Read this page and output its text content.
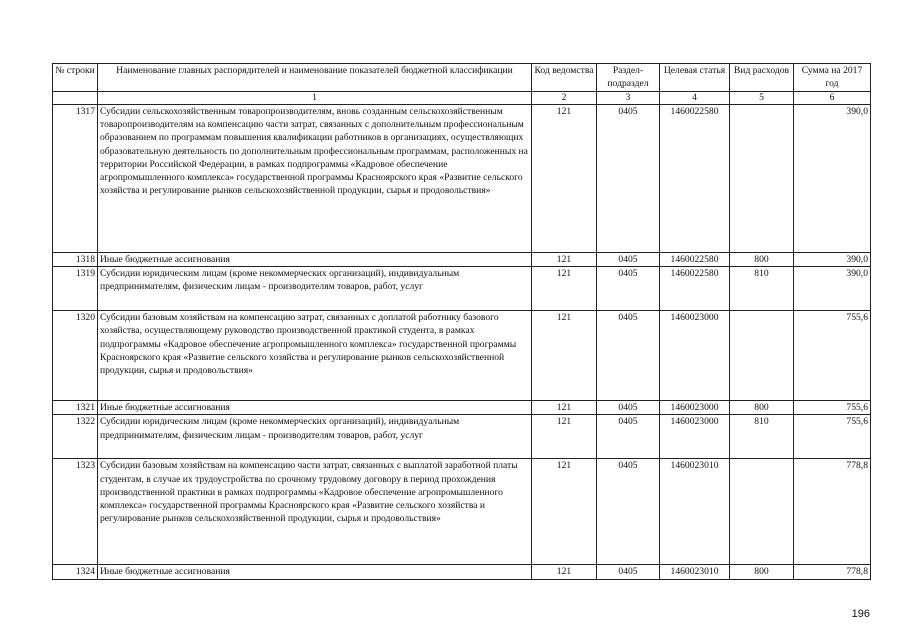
№ строки	Наименование главных распорядителей и наименование показателей бюджетной классификации	Код ведомства	Раздел-подраздел	Целевая статья	Вид расходов	Сумма на 2017 год
	1	2	3	4	5	6
1317	Субсидии сельскохозяйственным товаропроизводителям, вновь созданным сельскохозяйственным товаропроизводителям на компенсацию части затрат, связанных с дополнительным профессиональным образованием по программам повышения квалификации работников в организациях, осуществляющих образовательную деятельность по дополнительным профессиональным программам, расположенных на территории Российской Федерации, в рамках подпрограммы «Кадровое обеспечение агропромышленного комплекса» государственной программы Красноярского края «Развитие сельского хозяйства и регулирование рынков сельскохозяйственной продукции, сырья и продовольствия»	121	0405	1460022580		390,0
1318	Иные бюджетные ассигнования	121	0405	1460022580	800	390,0
1319	Субсидии юридическим лицам (кроме некоммерческих организаций), индивидуальным предпринимателям, физическим лицам - производителям товаров, работ, услуг	121	0405	1460022580	810	390,0
1320	Субсидии базовым хозяйствам на компенсацию затрат, связанных с доплатой работнику базового хозяйства, осуществляющему руководство производственной практикой студента, в рамках подпрограммы «Кадровое обеспечение агропромышленного комплекса» государственной программы Красноярского края «Развитие сельского хозяйства и регулирование рынков сельскохозяйственной продукции, сырья и продовольствия»	121	0405	1460023000		755,6
1321	Иные бюджетные ассигнования	121	0405	1460023000	800	755,6
1322	Субсидии юридическим лицам (кроме некоммерческих организаций), индивидуальным предпринимателям, физическим лицам - производителям товаров, работ, услуг	121	0405	1460023000	810	755,6
1323	Субсидии базовым хозяйствам на компенсацию части затрат, связанных с выплатой заработной платы студентам, в случае их трудоустройства по срочному трудовому договору в период прохождения производственной практики в рамках подпрограммы «Кадровое обеспечение агропромышленного комплекса» государственной программы Красноярского края «Развитие сельского хозяйства и регулирование рынков сельскохозяйственной продукции, сырья и продовольствия»	121	0405	1460023010		778,8
1324	Иные бюджетные ассигнования	121	0405	1460023010	800	778,8
196
